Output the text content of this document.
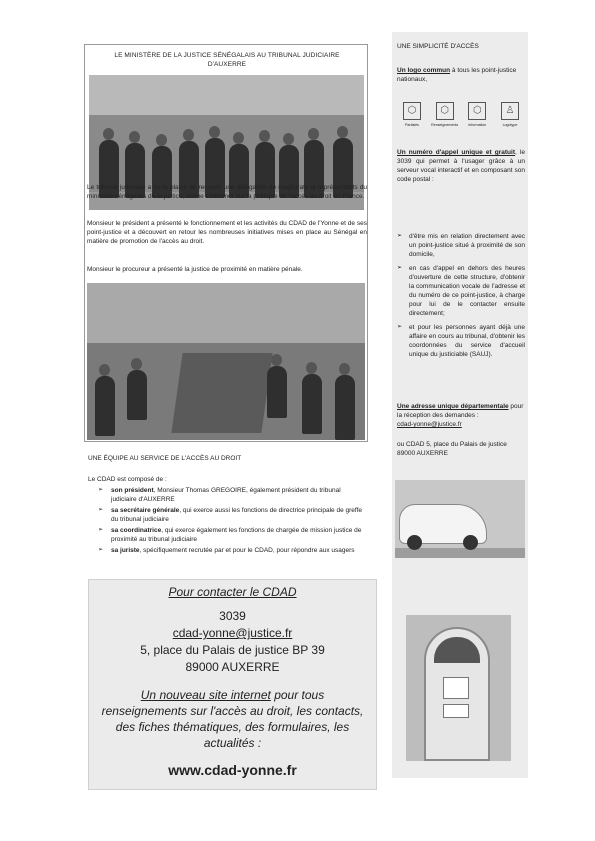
LE MINISTÈRE DE LA JUSTICE SÉNÉGALAIS AU TRIBUNAL JUDICIAIRE D'AUXERRE
Le tribunal judiciaire a eu le plaisir de recevoir une délégation de magistrats et représentants du ministère sénégalais de la justice, venue s'informer sur la politique de l'accès au droit en France.
Monsieur le président a présenté le fonctionnement et les activités du CDAD de l'Yonne et de ses point-justice et a découvert en retour les nombreuses initiatives mises en place au Sénégal en matière de promotion de l'accès au droit.
Monsieur le procureur a présenté la justice de proximité en matière pénale.
UNE ÉQUIPE AU SERVICE DE L'ACCÈS AU DROIT
Le CDAD est composé de :
➢ son président, Monsieur Thomas GREGOIRE, également président du tribunal judiciaire d'AUXERRE
➢ sa secrétaire générale, qui exerce aussi les fonctions de directrice principale de greffe du tribunal judiciaire
➢ sa coordinatrice, qui exerce également les fonctions de chargée de mission justice de proximité au tribunal judiciaire
➢ sa juriste, spécifiquement recrutée par et pour le CDAD, pour répondre aux usagers
Pour contacter le CDAD
3039
cdad-yonne@justice.fr
5, place du Palais de justice BP 39
89000 AUXERRE
Un nouveau site internet pour tous renseignements sur l'accès au droit, les contacts, des fiches thématiques, des formulaires, les actualités :
www.cdad-yonne.fr
UNE SIMPLICITÉ D'ACCÈS
Un logo commun à tous les point-justice nationaux,
⬡
Partialés
⬡
Renseignements
⬡
Information
♙
Logotype
Un numéro d'appel unique et gratuit, le 3039 qui permet à l'usager grâce à un serveur vocal interactif et en composant son code postal :
➢ d'être mis en relation directement avec un point-justice situé à proximité de son domicile,
➢ en cas d'appel en dehors des heures d'ouverture de cette structure, d'obtenir la communication vocale de l'adresse et du numéro de ce point-justice, à charge pour lui de le contacter ensuite directement;
➢ et pour les personnes ayant déjà une affaire en cours au tribunal, d'obtenir les coordonnées du service d'accueil unique du justiciable (SAUJ).
Une adresse unique départementale pour la réception des demandes :
cdad-yonne@justice.fr
ou CDAD 5, place du Palais de justice 89000 AUXERRE
